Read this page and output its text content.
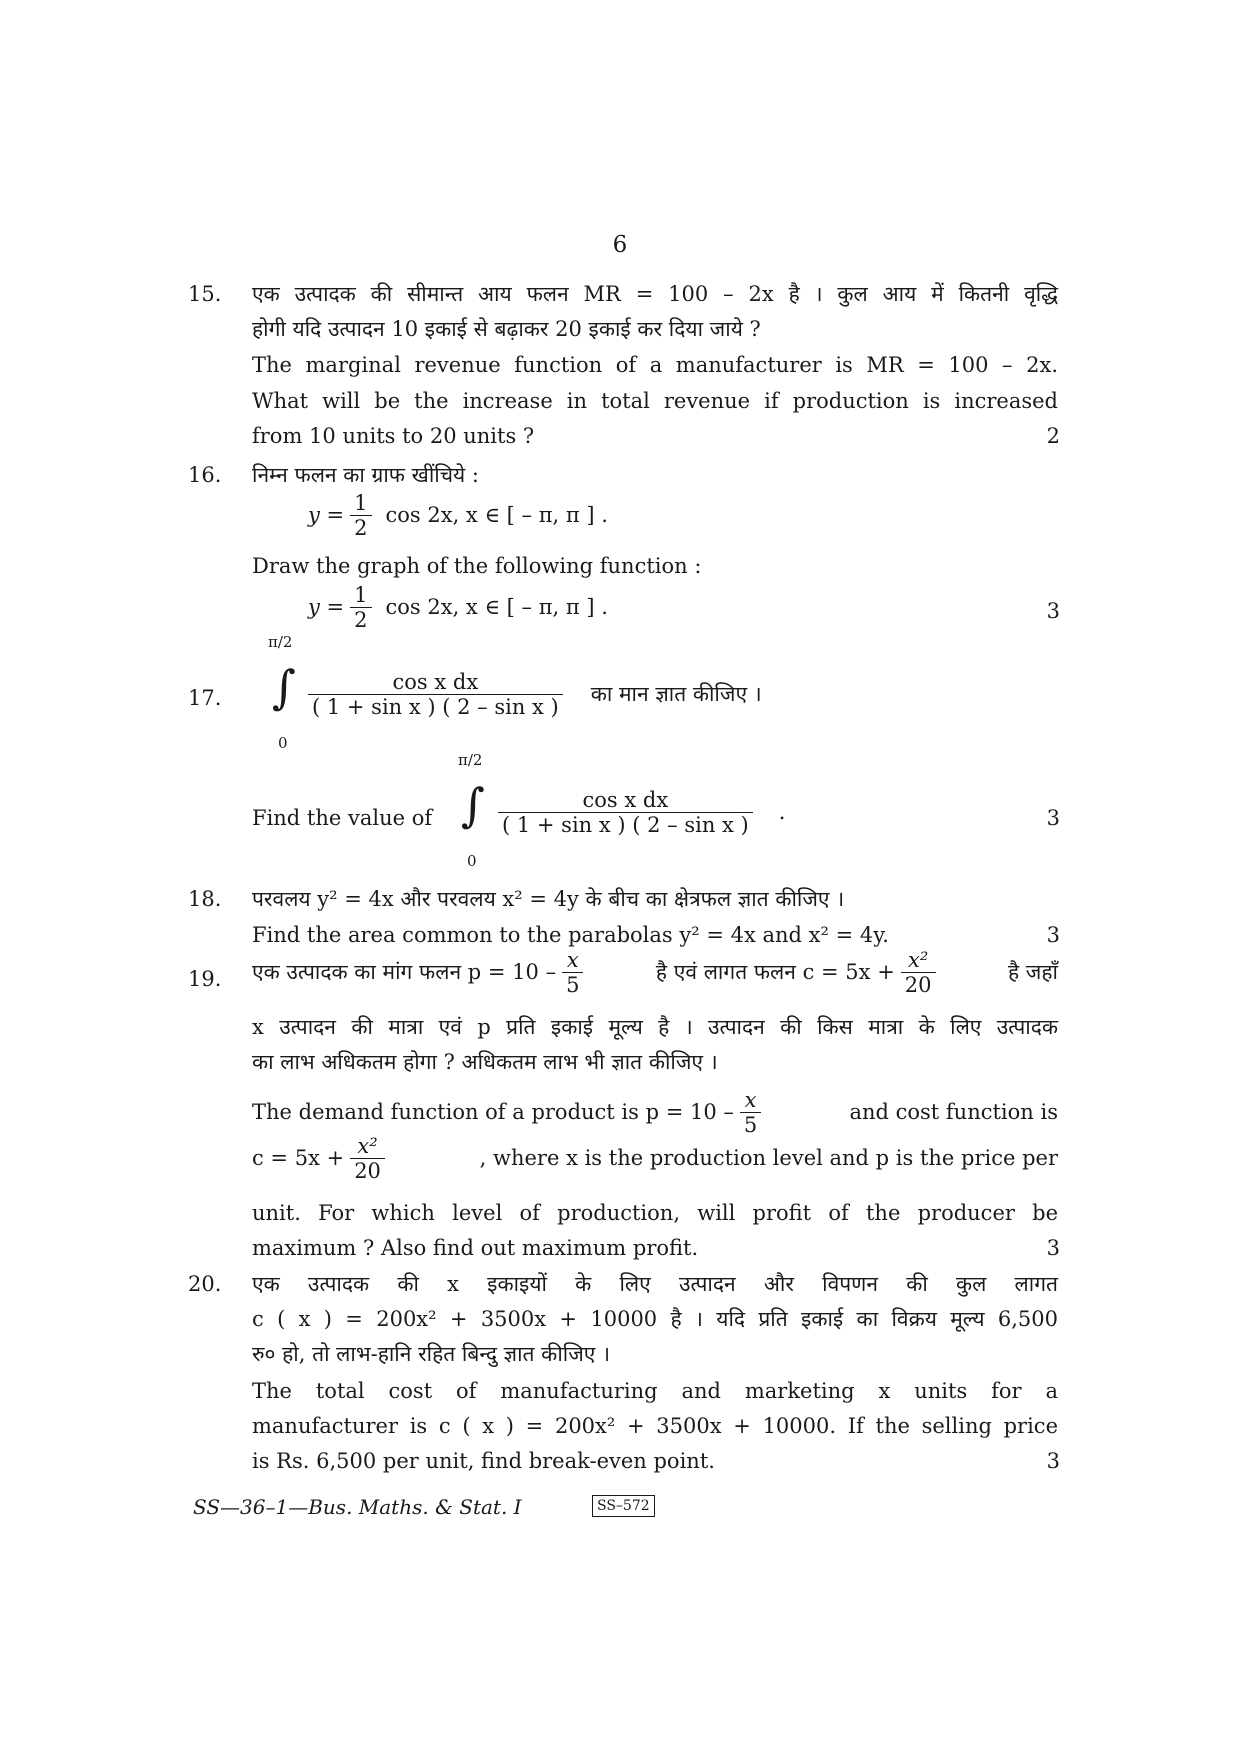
6
15. एक उत्पादक की सीमान्त आय फलन MR = 100 – 2x है । कुल आय में कितनी वृद्धि
होगी यदि उत्पादन 10 इकाई से बढ़ाकर 20 इकाई कर दिया जाये ?
The marginal revenue function of a manufacturer is MR = 100 – 2x.
What will be the increase in total revenue if production is increased
from 10 units to 20 units ?	2
16. निम्न फलन का ग्राफ खींचिये :
$y = \frac{1}{2}$ cos 2x, x ∈ [ – π, π ] .
Draw the graph of the following function :
$y = \frac{1}{2}$ cos 2x, x ∈ [ – π, π ] .	3
17.
π/2
∫
0
$\frac{\text{cos x dx}}{\text{( 1 + sin x ) ( 2 – sin x )}}$ का मान ज्ञात कीजिए ।
Find the value of
π/2
∫
0
$\frac{\text{cos x dx}}{\text{( 1 + sin x ) ( 2 – sin x )}}$ .	3
18. परवलय y² = 4x और परवलय x² = 4y के बीच का क्षेत्रफल ज्ञात कीजिए ।
Find the area common to the parabolas y² = 4x and x² = 4y.	3
19. एक उत्पादक का मांग फलन $p = 10 - \frac{x}{5}$	है एवं लागत फलन $c = 5x + \frac{\text{x²}}{20}$	है जहाँ
x उत्पादन की मात्रा एवं p प्रति इकाई मूल्य है । उत्पादन की किस मात्रा के लिए उत्पादक
का लाभ अधिकतम होगा ? अधिकतम लाभ भी ज्ञात कीजिए ।
The demand function of a product is $p = 10 - \frac{x}{5}$	and cost function is
$c = 5x + \frac{\text{x²}}{20}$	, where x is the production level and p is the price per
unit. For which level of production, will profit of the producer be
maximum ? Also find out maximum profit.	3
20. एक उत्पादक की x इकाइयों के लिए उत्पादन और विपणन की कुल लागत
c ( x ) = 200x² + 3500x + 10000 है । यदि प्रति इकाई का विक्रय मूल्य 6,500
रु० हो, तो लाभ-हानि रहित बिन्दु ज्ञात कीजिए ।
The total cost of manufacturing and marketing x units for a
manufacturer is c ( x ) = 200x² + 3500x + 10000. If the selling price
is Rs. 6,500 per unit, find break-even point.	3
SS—36–1—Bus. Maths. & Stat. I	SS–572
